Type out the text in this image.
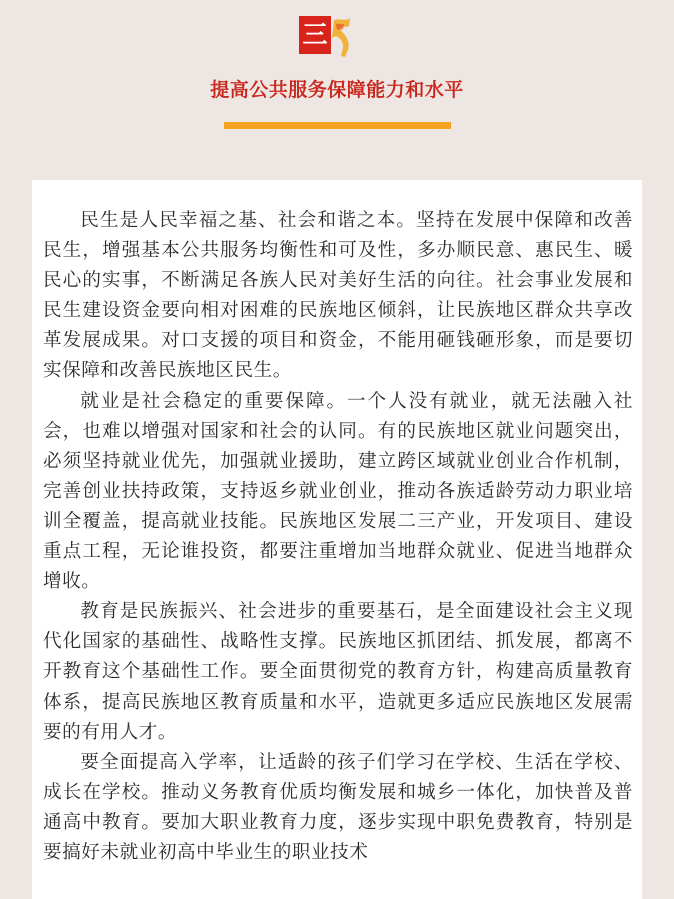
三
提高公共服务保障能力和水平

民生是人民幸福之基、社会和谐之本。坚持在发展中保障和改善民生，增强基本公共服务均衡性和可及性，多办顺民意、惠民生、暖民心的实事，不断满足各族人民对美好生活的向往。社会事业发展和民生建设资金要向相对困难的民族地区倾斜，让民族地区群众共享改革发展成果。对口支援的项目和资金，不能用砸钱砸形象，而是要切实保障和改善民族地区民生。

就业是社会稳定的重要保障。一个人没有就业，就无法融入社会，也难以增强对国家和社会的认同。有的民族地区就业问题突出，必须坚持就业优先，加强就业援助，建立跨区域就业创业合作机制，完善创业扶持政策，支持返乡就业创业，推动各族适龄劳动力职业培训全覆盖，提高就业技能。民族地区发展二三产业，开发项目、建设重点工程，无论谁投资，都要注重增加当地群众就业、促进当地群众增收。

教育是民族振兴、社会进步的重要基石，是全面建设社会主义现代化国家的基础性、战略性支撑。民族地区抓团结、抓发展，都离不开教育这个基础性工作。要全面贯彻党的教育方针，构建高质量教育体系，提高民族地区教育质量和水平，造就更多适应民族地区发展需要的有用人才。

要全面提高入学率，让适龄的孩子们学习在学校、生活在学校、成长在学校。推动义务教育优质均衡发展和城乡一体化，加快普及普通高中教育。要加大职业教育力度，逐步实现中职免费教育，特别是要搞好未就业初高中毕业生的职业技术
